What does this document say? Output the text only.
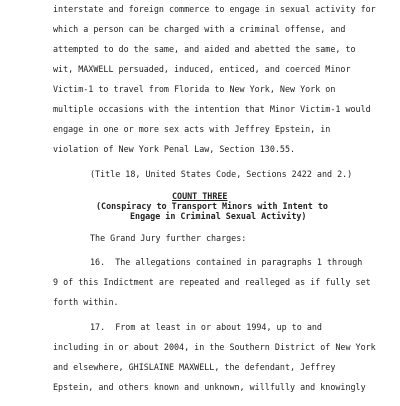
interstate and foreign commerce to engage in sexual activity for
which a person can be charged with a criminal offense, and
attempted to do the same, and aided and abetted the same, to
wit, MAXWELL persuaded, induced, enticed, and coerced Minor
Victim-1 to travel from Florida to New York, New York on
multiple occasions with the intention that Minor Victim-1 would
engage in one or more sex acts with Jeffrey Epstein, in
violation of New York Penal Law, Section 130.55.
(Title 18, United States Code, Sections 2422 and 2.)
COUNT THREE
(Conspiracy to Transport Minors with Intent to
Engage in Criminal Sexual Activity)
The Grand Jury further charges:
16.  The allegations contained in paragraphs 1 through
9 of this Indictment are repeated and realleged as if fully set
forth within.
17.  From at least in or about 1994, up to and
including in or about 2004, in the Southern District of New York
and elsewhere, GHISLAINE MAXWELL, the defendant, Jeffrey
Epstein, and others known and unknown, willfully and knowingly
